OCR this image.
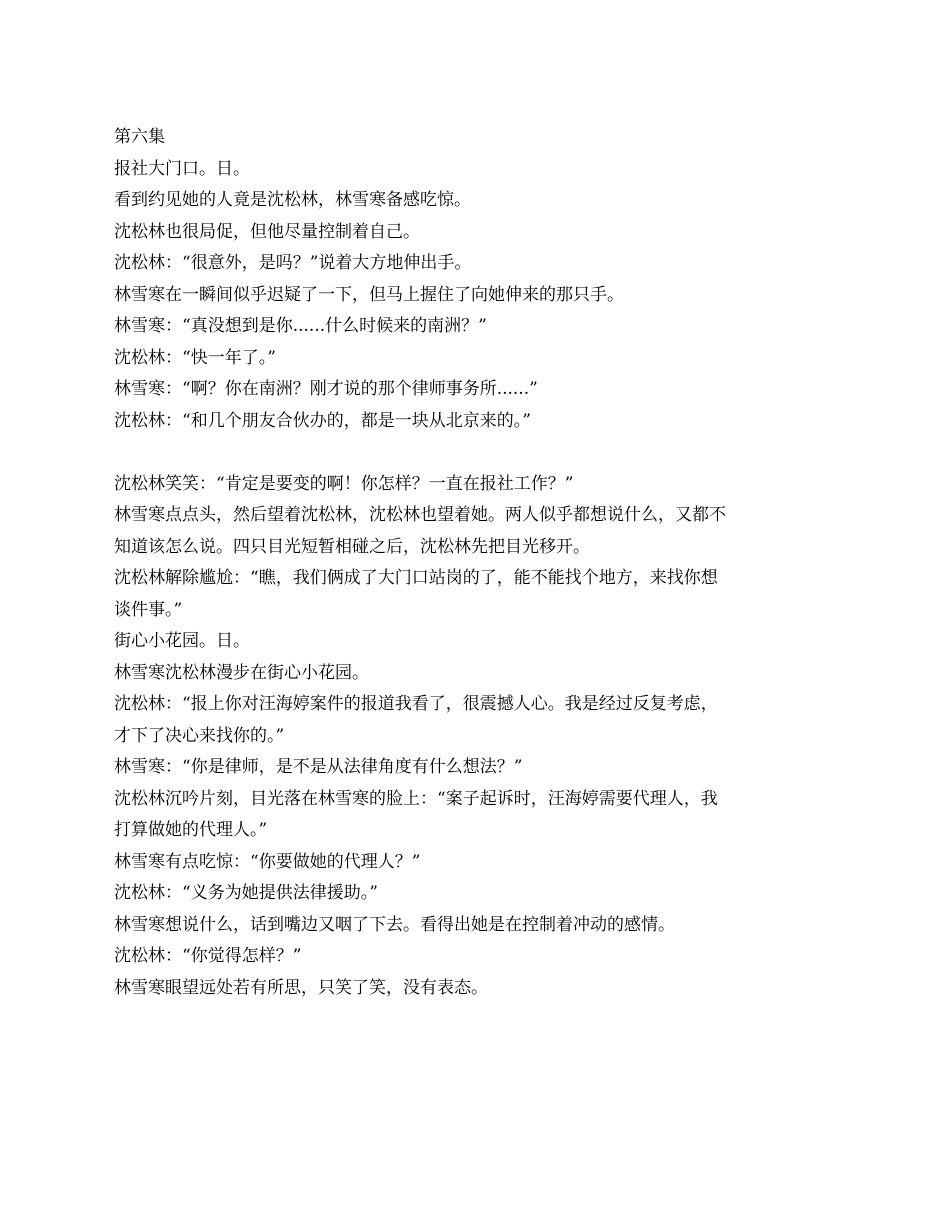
第六集

报社大门口。日。

看到约见她的人竟是沈松林，林雪寒备感吃惊。

沈松林也很局促，但他尽量控制着自己。

沈松林：“很意外，是吗？”说着大方地伸出手。

林雪寒在一瞬间似乎迟疑了一下，但马上握住了向她伸来的那只手。

林雪寒：“真没想到是你......什么时候来的南洲？”

沈松林：“快一年了。”

林雪寒：“啊？你在南洲？刚才说的那个律师事务所......”

沈松林：“和几个朋友合伙办的，都是一块从北京来的。”

沈松林笑笑：“肯定是要变的啊！你怎样？一直在报社工作？”

林雪寒点点头，然后望着沈松林，沈松林也望着她。两人似乎都想说什么，又都不

知道该怎么说。四只目光短暂相碰之后，沈松林先把目光移开。

沈松林解除尴尬：“瞧，我们俩成了大门口站岗的了，能不能找个地方，来找你想

谈件事。”

街心小花园。日。

林雪寒沈松林漫步在街心小花园。

沈松林：“报上你对汪海婷案件的报道我看了，很震撼人心。我是经过反复考虑，

才下了决心来找你的。”

林雪寒：“你是律师，是不是从法律角度有什么想法？”

沈松林沉吟片刻，目光落在林雪寒的脸上：“案子起诉时，汪海婷需要代理人，我

打算做她的代理人。”

林雪寒有点吃惊：“你要做她的代理人？”

沈松林：“义务为她提供法律援助。”

林雪寒想说什么，话到嘴边又咽了下去。看得出她是在控制着冲动的感情。

沈松林：“你觉得怎样？”

林雪寒眼望远处若有所思，只笑了笑，没有表态。
